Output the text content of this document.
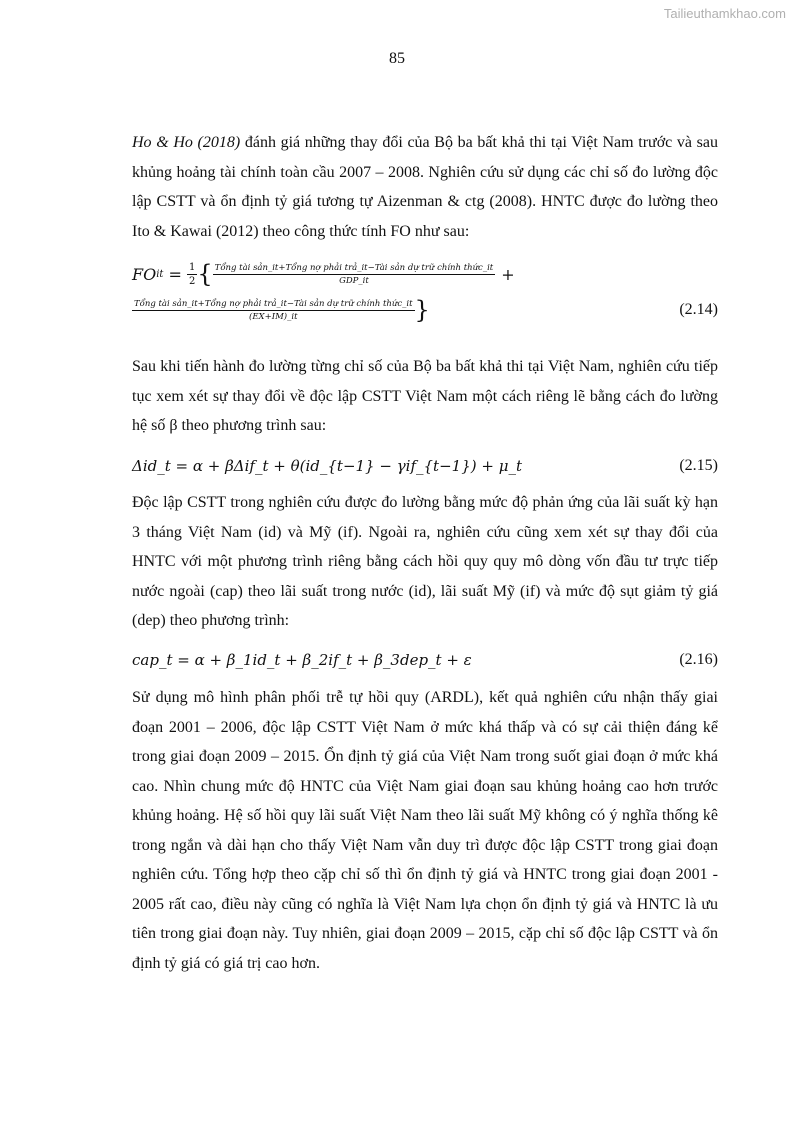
Tailieuthamkhao.com
85

Ho & Ho (2018) đánh giá những thay đổi của Bộ ba bất khả thi tại Việt Nam trước và sau khủng hoảng tài chính toàn cầu 2007 – 2008. Nghiên cứu sử dụng các chỉ số đo lường độc lập CSTT và ổn định tỷ giá tương tự Aizenman & ctg (2008). HNTC được đo lường theo Ito & Kawai (2012) theo công thức tính FO như sau:

FO it = $\frac{1}{2}$ { Tổng tài sản_it+Tổng nợ phải trả_it−Tài sản dự trữ chính thức_it
GDP_it	+
Tổng tài sản_it+Tổng nợ phải trả_it−Tài sản dự trữ chính thức_it
(EX+IM)_it	}	(2.14)

Sau khi tiến hành đo lường từng chỉ số của Bộ ba bất khả thi tại Việt Nam, nghiên cứu tiếp tục xem xét sự thay đổi về độc lập CSTT Việt Nam một cách riêng lẽ bằng cách đo lường hệ số β theo phương trình sau:

Δid_t = α + βΔif_t + θ(id_{t−1} − γif_{t−1}) + μ_t	(2.15)

Độc lập CSTT trong nghiên cứu được đo lường bằng mức độ phản ứng của lãi suất kỳ hạn 3 tháng Việt Nam (id) và Mỹ (if). Ngoài ra, nghiên cứu cũng xem xét sự thay đổi của HNTC với một phương trình riêng bằng cách hồi quy quy mô dòng vốn đầu tư trực tiếp nước ngoài (cap) theo lãi suất trong nước (id), lãi suất Mỹ (if) và mức độ sụt giảm tỷ giá (dep) theo phương trình:

cap_t = α + β_1id_t + β_2if_t + β_3dep_t + ε	(2.16)

Sử dụng mô hình phân phối trễ tự hồi quy (ARDL), kết quả nghiên cứu nhận thấy giai đoạn 2001 – 2006, độc lập CSTT Việt Nam ở mức khá thấp và có sự cải thiện đáng kể trong giai đoạn 2009 – 2015. Ổn định tỷ giá của Việt Nam trong suốt giai đoạn ở mức khá cao. Nhìn chung mức độ HNTC của Việt Nam giai đoạn sau khủng hoảng cao hơn trước khủng hoảng. Hệ số hồi quy lãi suất Việt Nam theo lãi suất Mỹ không có ý nghĩa thống kê trong ngắn và dài hạn cho thấy Việt Nam vẫn duy trì được độc lập CSTT trong giai đoạn nghiên cứu. Tổng hợp theo cặp chỉ số thì ổn định tỷ giá và HNTC trong giai đoạn 2001 - 2005 rất cao, điều này cũng có nghĩa là Việt Nam lựa chọn ổn định tỷ giá và HNTC là ưu tiên trong giai đoạn này. Tuy nhiên, giai đoạn 2009 – 2015, cặp chỉ số độc lập CSTT và ổn định tỷ giá có giá trị cao hơn.
